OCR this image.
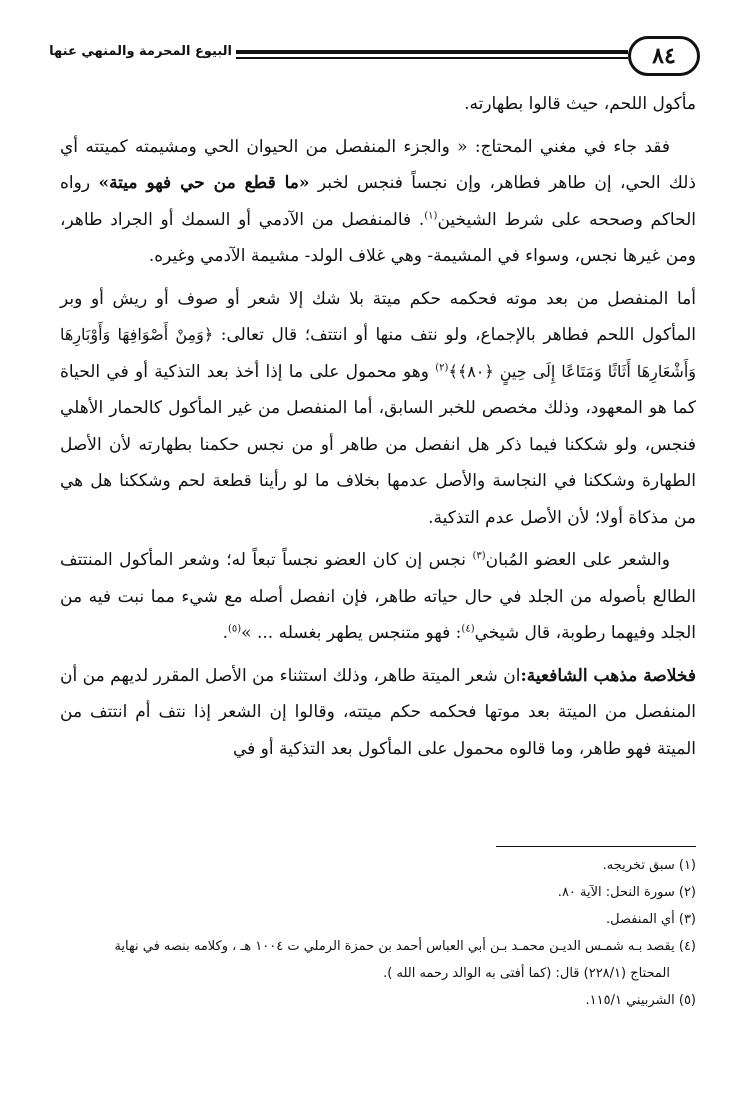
٨٤
البيوع المحرمة والمنهي عنها

مأكول اللحم، حيث قالوا بطهارته.

فقد جاء في مغني المحتاج: « والجزء المنفصل من الحيوان الحي ومشيمته كميتته أي ذلك الحي، إن طاهر فطاهر، وإن نجساً فنجس لخبر «ما قطع من حي فهو ميتة» رواه الحاكم وصححه على شرط الشيخين$^{(١)}$. فالمنفصل من الآدمي أو السمك أو الجراد طاهر، ومن غيرها نجس، وسواء في المشيمة- وهي غلاف الولد- مشيمة الآدمي وغيره.

أما المنفصل من بعد موته فحكمه حكم ميتة بلا شك إلا شعر أو صوف أو ريش أو وبر المأكول اللحم فطاهر بالإجماع، ولو نتف منها أو انتتف؛ قال تعالى: ﴿وَمِنْ أَصْوَافِهَا وَأَوْبَارِهَا وَأَشْعَارِهَا أَثَاثًا وَمَتَاعًا إِلَى حِينٍ ﴿٨٠﴾﴾$^{(٢)}$ وهو محمول على ما إذا أخذ بعد التذكية أو في الحياة كما هو المعهود، وذلك مخصص للخبر السابق، أما المنفصل من غير المأكول كالحمار الأهلي فنجس، ولو شككنا فيما ذكر هل انفصل من طاهر أو من نجس حكمنا بطهارته لأن الأصل الطهارة وشككنا في النجاسة والأصل عدمها بخلاف ما لو رأينا قطعة لحم وشككنا هل هي من مذكاة أولا؛ لأن الأصل عدم التذكية.

والشعر على العضو المُبان$^{(٣)}$ نجس إن كان العضو نجساً تبعاً له؛ وشعر المأكول المنتتف الطالع بأصوله من الجلد في حال حياته طاهر، فإن انفصل أصله مع شيء مما نبت فيه من الجلد وفيهما رطوبة، قال شيخي$^{(٤)}$: فهو متنجس يطهر بغسله ... »$^{(٥)}$.

فخلاصة مذهب الشافعية:ان شعر الميتة طاهر، وذلك استثناء من الأصل المقرر لديهم من أن المنفصل من الميتة بعد موتها فحكمه حكم ميتته، وقالوا إن الشعر إذا نتف أم انتتف من الميتة فهو طاهر، وما قالوه محمول على المأكول بعد التذكية أو في

(١) سبق تخريجه.

(٢) سورة النحل: الآية ٨٠.

(٣) أي المنفصل.

(٤) يقصد بـه شمـس الديـن محمـد بـن أبي العباس أحمد بن حمزة الرملي ت ١٠٠٤ هـ ، وكلامه بنصه في نهاية

المحتاج (٢٢٨/١) قال: (كما أفتى به الوالد رحمه الله ).

(٥) الشربيني ١١٥/١.
